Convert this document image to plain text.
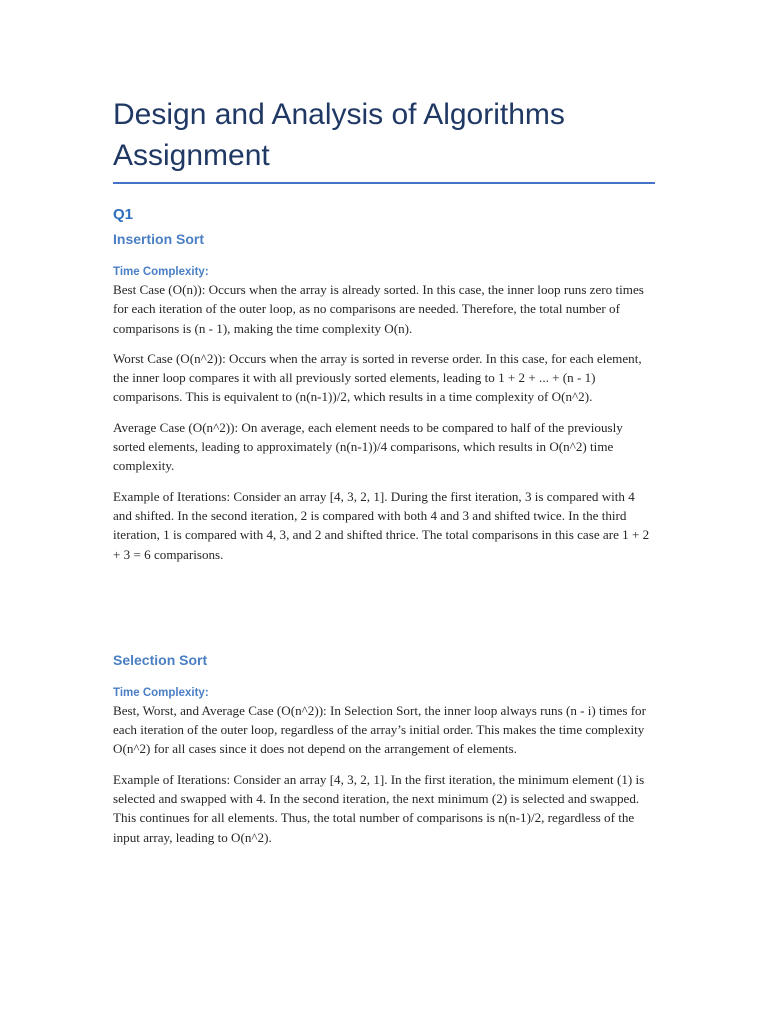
Design and Analysis of Algorithms
Assignment
Q1
Insertion Sort
Time Complexity:

Best Case (O(n)): Occurs when the array is already sorted. In this case, the inner loop runs zero times for each iteration of the outer loop, as no comparisons are needed. Therefore, the total number of comparisons is (n - 1), making the time complexity O(n).

Worst Case (O(n^2)): Occurs when the array is sorted in reverse order. In this case, for each element, the inner loop compares it with all previously sorted elements, leading to 1 + 2 + ... + (n - 1) comparisons. This is equivalent to (n(n-1))/2, which results in a time complexity of O(n^2).

Average Case (O(n^2)): On average, each element needs to be compared to half of the previously sorted elements, leading to approximately (n(n-1))/4 comparisons, which results in O(n^2) time complexity.

Example of Iterations: Consider an array [4, 3, 2, 1]. During the first iteration, 3 is compared with 4 and shifted. In the second iteration, 2 is compared with both 4 and 3 and shifted twice. In the third iteration, 1 is compared with 4, 3, and 2 and shifted thrice. The total comparisons in this case are 1 + 2 + 3 = 6 comparisons.

Selection Sort
Time Complexity:

Best, Worst, and Average Case (O(n^2)): In Selection Sort, the inner loop always runs (n - i) times for each iteration of the outer loop, regardless of the array’s initial order. This makes the time complexity O(n^2) for all cases since it does not depend on the arrangement of elements.

Example of Iterations: Consider an array [4, 3, 2, 1]. In the first iteration, the minimum element (1) is selected and swapped with 4. In the second iteration, the next minimum (2) is selected and swapped. This continues for all elements. Thus, the total number of comparisons is n(n-1)/2, regardless of the input array, leading to O(n^2).
